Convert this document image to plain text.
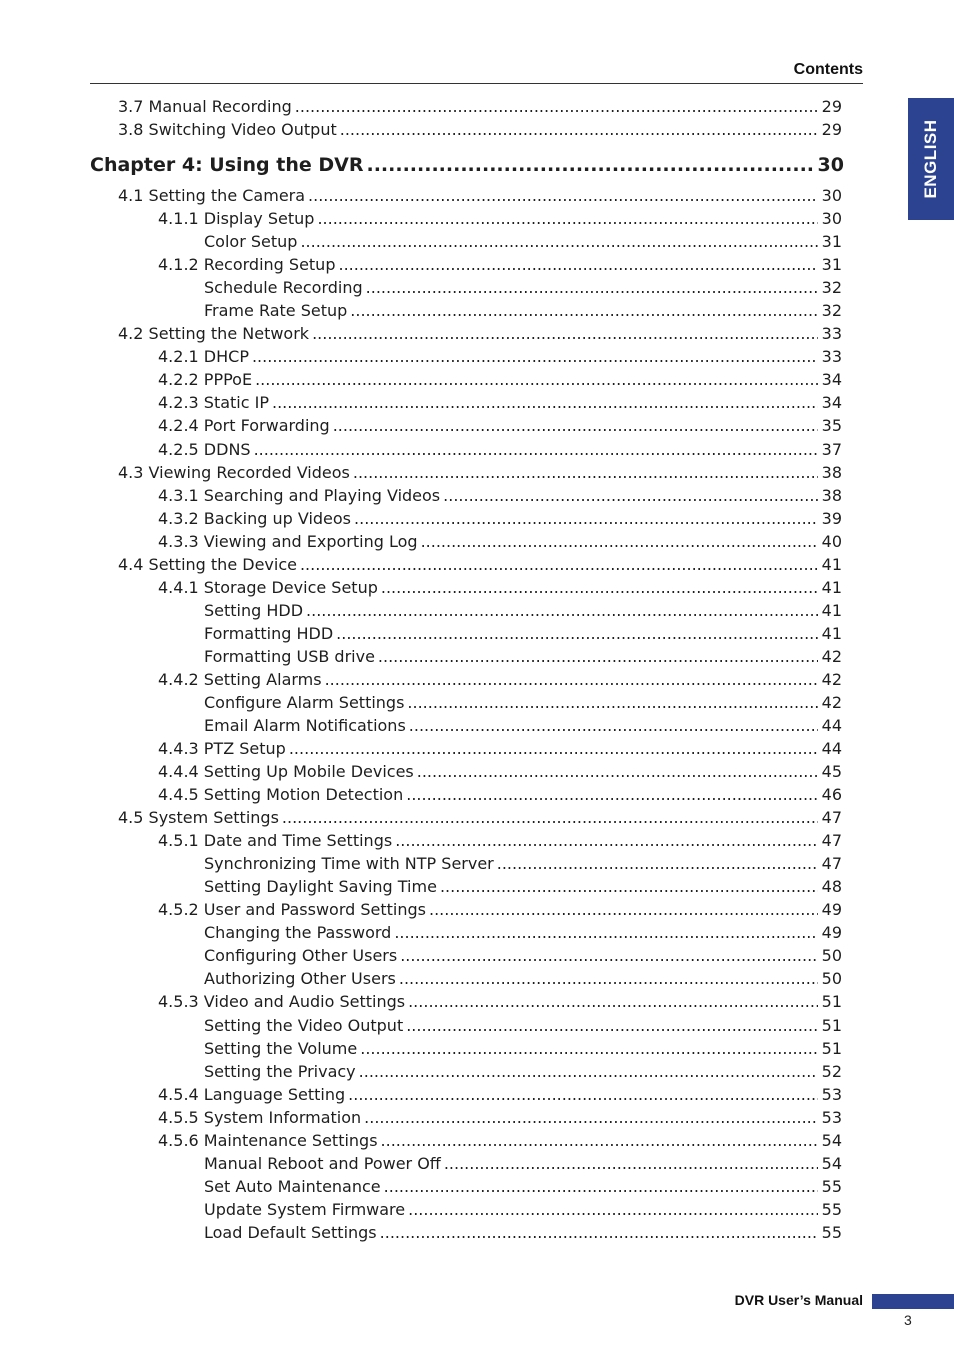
Contents
ENGLISH
3.7 Manual Recording .....	29
3.8 Switching Video Output .....	29
Chapter 4: Using the DVR .....	30
4.1 Setting the Camera .....	30
4.1.1 Display Setup .....	30
Color Setup .....	31
4.1.2 Recording Setup .....	31
Schedule Recording .....	32
Frame Rate Setup .....	32
4.2 Setting the Network .....	33
4.2.1 DHCP .....	33
4.2.2 PPPoE .....	34
4.2.3 Static IP .....	34
4.2.4 Port Forwarding .....	35
4.2.5 DDNS .....	37
4.3 Viewing Recorded Videos .....	38
4.3.1 Searching and Playing Videos .....	38
4.3.2 Backing up Videos .....	39
4.3.3 Viewing and Exporting Log .....	40
4.4 Setting the Device .....	41
4.4.1 Storage Device Setup .....	41
Setting HDD .....	41
Formatting HDD .....	41
Formatting USB drive .....	42
4.4.2 Setting Alarms .....	42
Configure Alarm Settings .....	42
Email Alarm Notifications .....	44
4.4.3 PTZ Setup .....	44
4.4.4 Setting Up Mobile Devices .....	45
4.4.5 Setting Motion Detection .....	46
4.5 System Settings .....	47
4.5.1 Date and Time Settings .....	47
Synchronizing Time with NTP Server .....	47
Setting Daylight Saving Time .....	48
4.5.2 User and Password Settings .....	49
Changing the Password .....	49
Configuring Other Users .....	50
Authorizing Other Users .....	50
4.5.3 Video and Audio Settings .....	51
Setting the Video Output .....	51
Setting the Volume .....	51
Setting the Privacy .....	52
4.5.4 Language Setting .....	53
4.5.5 System Information .....	53
4.5.6 Maintenance Settings .....	54
Manual Reboot and Power Off .....	54
Set Auto Maintenance .....	55
Update System Firmware .....	55
Load Default Settings .....	55
DVR User’s Manual
3
